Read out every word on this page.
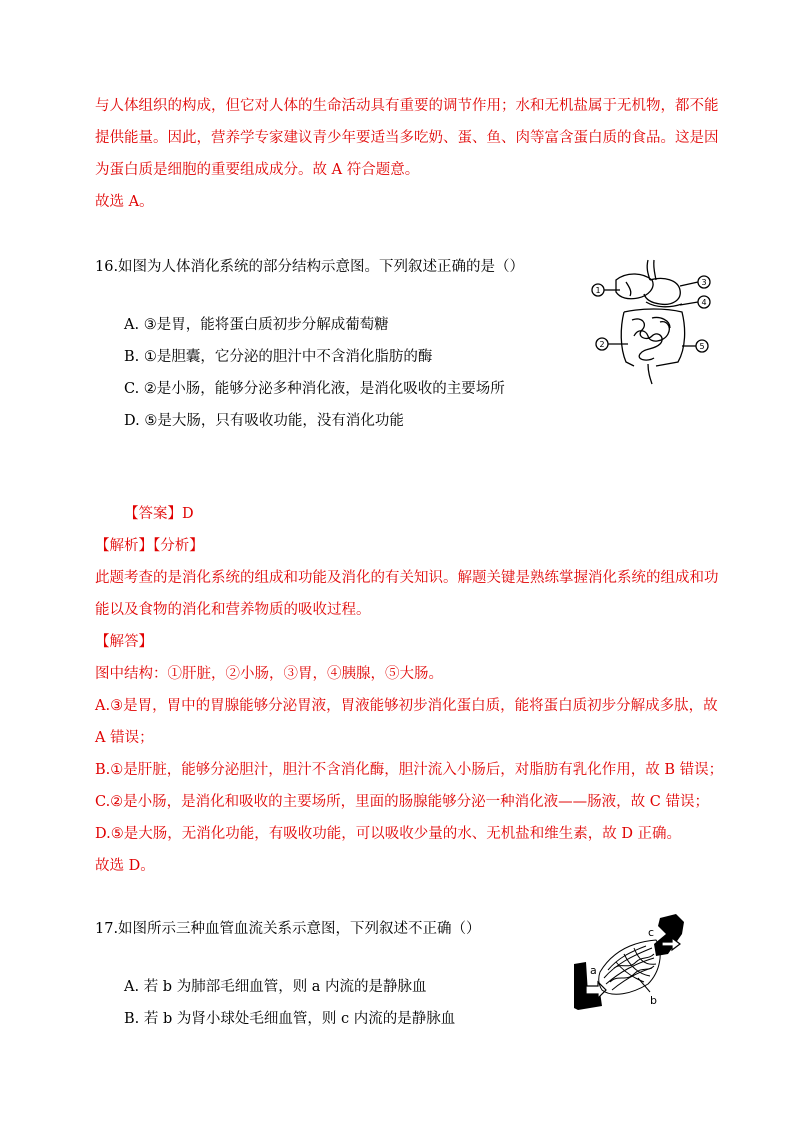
与人体组织的构成，但它对人体的生命活动具有重要的调节作用；水和无机盐属于无机物，都不能
提供能量。因此，营养学专家建议青少年要适当多吃奶、蛋、鱼、肉等富含蛋白质的食品。这是因
为蛋白质是细胞的重要组成成分。故 A 符合题意。
故选 A。
16.如图为人体消化系统的部分结构示意图。下列叙述正确的是（）
A. ③是胃，能将蛋白质初步分解成葡萄糖
B. ①是胆囊，它分泌的胆汁中不含消化脂肪的酶
C. ②是小肠，能够分泌多种消化液，是消化吸收的主要场所
D. ⑤是大肠，只有吸收功能，没有消化功能
1
2
3
4
5
【答案】D
【解析】【分析】
此题考查的是消化系统的组成和功能及消化的有关知识。解题关键是熟练掌握消化系统的组成和功
能以及食物的消化和营养物质的吸收过程。
【解答】
图中结构：①肝脏，②小肠，③胃，④胰腺，⑤大肠。
A.③是胃，胃中的胃腺能够分泌胃液，胃液能够初步消化蛋白质，能将蛋白质初步分解成多肽，故
A 错误；
B.①是肝脏，能够分泌胆汁，胆汁不含消化酶，胆汁流入小肠后，对脂肪有乳化作用，故 B 错误；
C.②是小肠，是消化和吸收的主要场所，里面的肠腺能够分泌一种消化液——肠液，故 C 错误；
D.⑤是大肠，无消化功能，有吸收功能，可以吸收少量的水、无机盐和维生素，故 D 正确。
故选 D。
17.如图所示三种血管血流关系示意图，下列叙述不正确（）
A. 若 b 为肺部毛细血管，则 a 内流的是静脉血
B. 若 b 为肾小球处毛细血管，则 c 内流的是静脉血
a
b
c
